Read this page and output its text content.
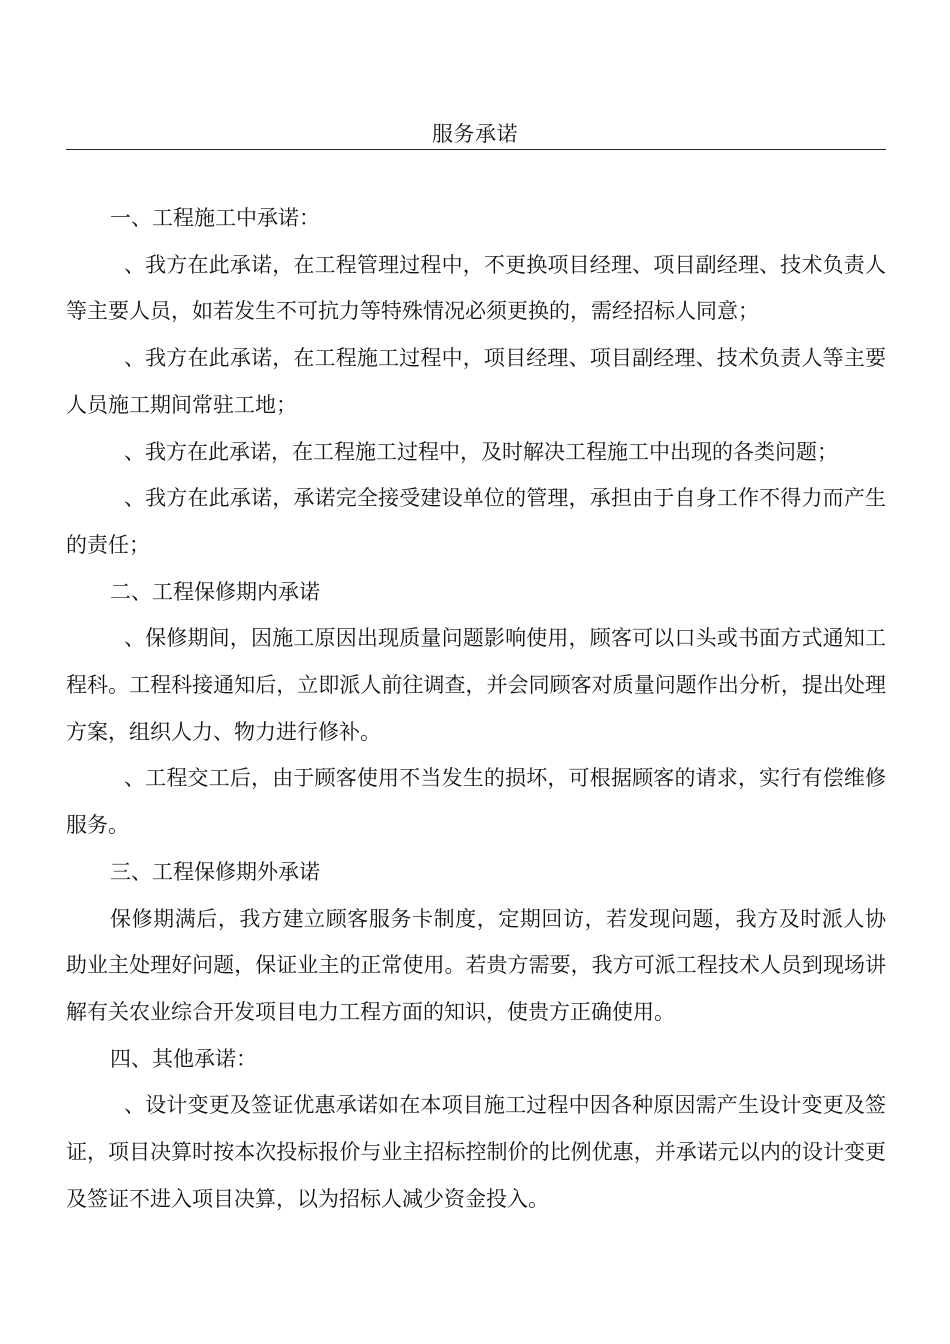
服务承诺

一、工程施工中承诺：

、我方在此承诺，在工程管理过程中，不更换项目经理、项目副经理、技术负责人等主要人员，如若发生不可抗力等特殊情况必须更换的，需经招标人同意；

、我方在此承诺，在工程施工过程中，项目经理、项目副经理、技术负责人等主要人员施工期间常驻工地；

、我方在此承诺，在工程施工过程中，及时解决工程施工中出现的各类问题；

、我方在此承诺，承诺完全接受建设单位的管理，承担由于自身工作不得力而产生的责任；

二、工程保修期内承诺

、保修期间，因施工原因出现质量问题影响使用，顾客可以口头或书面方式通知工程科。工程科接通知后，立即派人前往调查，并会同顾客对质量问题作出分析，提出处理方案，组织人力、物力进行修补。

、工程交工后，由于顾客使用不当发生的损坏，可根据顾客的请求，实行有偿维修服务。

三、工程保修期外承诺

保修期满后，我方建立顾客服务卡制度，定期回访，若发现问题，我方及时派人协助业主处理好问题，保证业主的正常使用。若贵方需要，我方可派工程技术人员到现场讲解有关农业综合开发项目电力工程方面的知识，使贵方正确使用。

四、其他承诺：

、设计变更及签证优惠承诺如在本项目施工过程中因各种原因需产生设计变更及签证，项目决算时按本次投标报价与业主招标控制价的比例优惠，并承诺元以内的设计变更及签证不进入项目决算，以为招标人减少资金投入。
